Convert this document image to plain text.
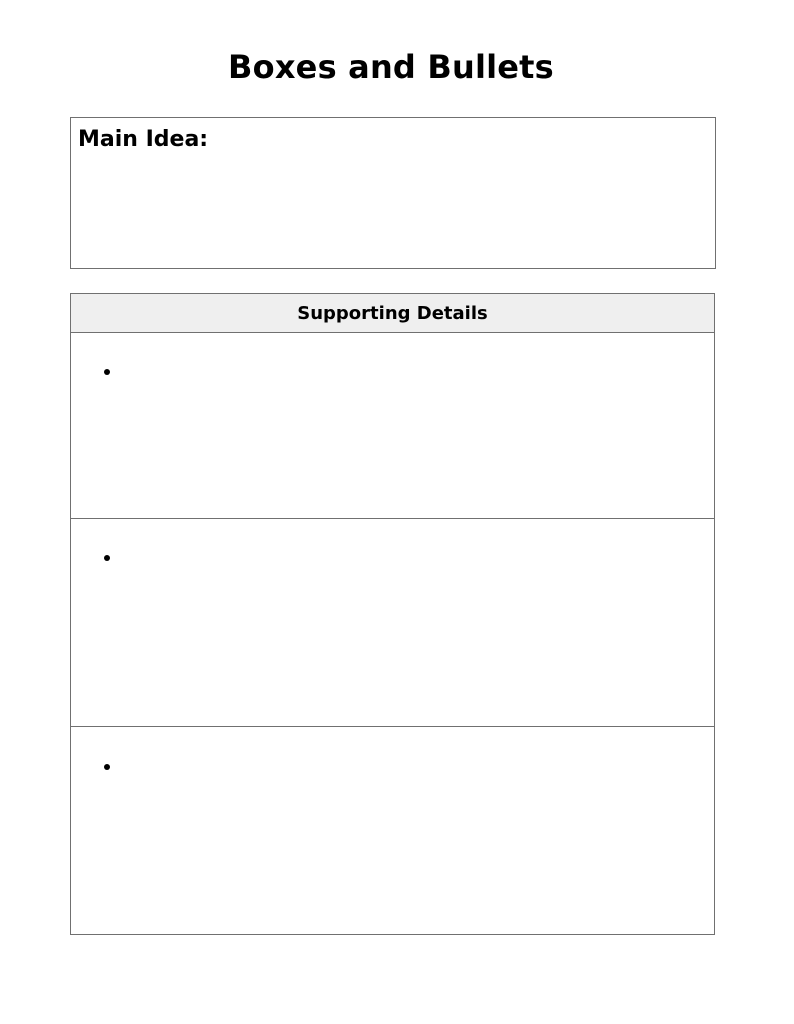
Boxes and Bullets
Main Idea:
Supporting Details
